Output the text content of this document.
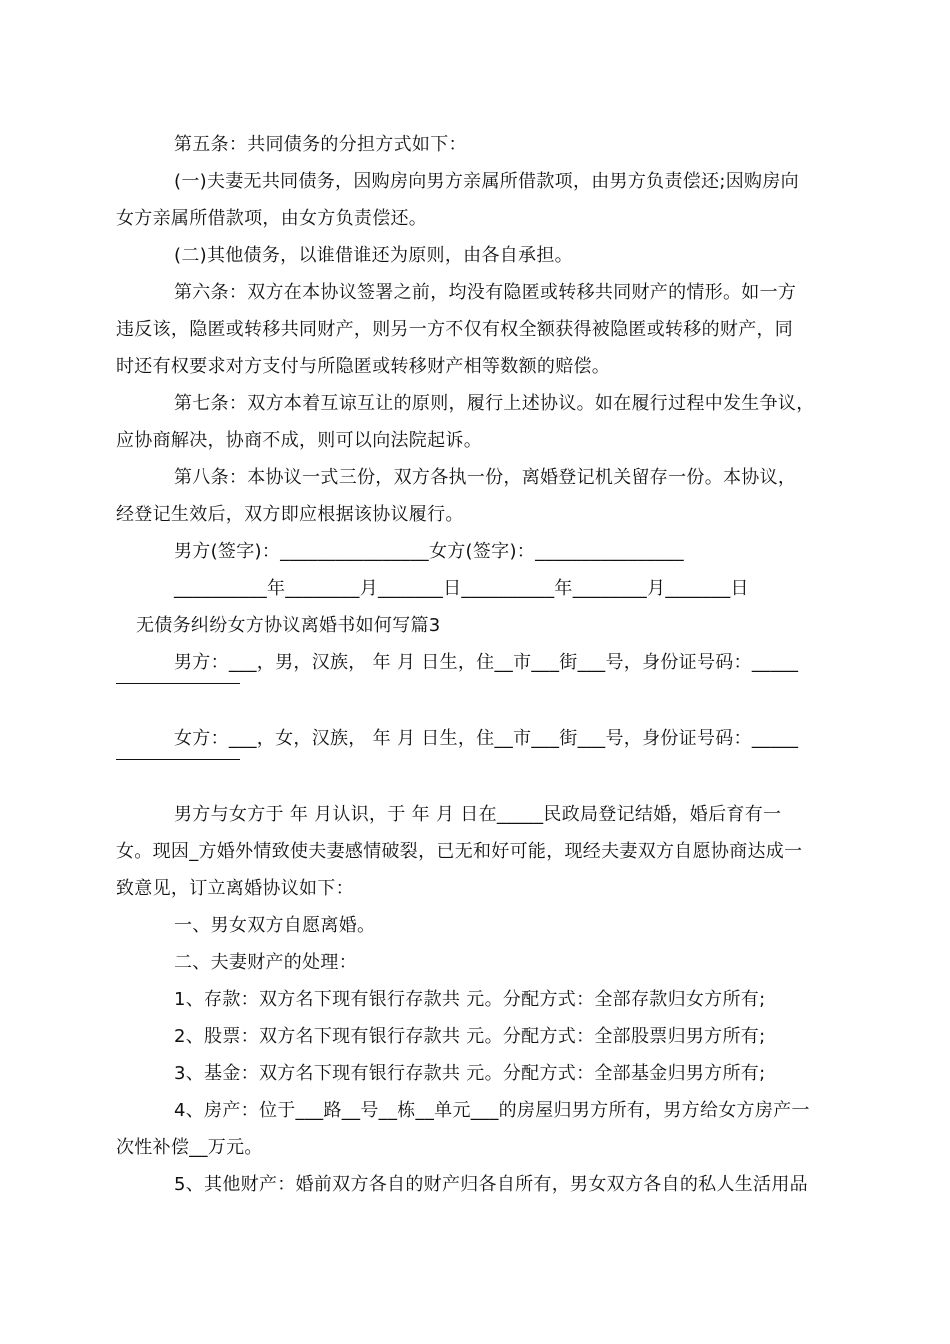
第五条：共同债务的分担方式如下：
(一)夫妻无共同债务，因购房向男方亲属所借款项，由男方负责偿还;因购房向
女方亲属所借款项，由女方负责偿还。
(二)其他债务，以谁借谁还为原则，由各自承担。
第六条：双方在本协议签署之前，均没有隐匿或转移共同财产的情形。如一方
违反该，隐匿或转移共同财产，则另一方不仅有权全额获得被隐匿或转移的财产，同
时还有权要求对方支付与所隐匿或转移财产相等数额的赔偿。
第七条：双方本着互谅互让的原则，履行上述协议。如在履行过程中发生争议，
应协商解决，协商不成，则可以向法院起诉。
第八条：本协议一式三份，双方各执一份，离婚登记机关留存一份。本协议，
经登记生效后，双方即应根据该协议履行。
男方(签字)：________________女方(签字)：________________
__________年________月_______日__________年________月_______日
无债务纠纷女方协议离婚书如何写篇3
男方：___，男，汉族， 年 月 日生，住__市___街___号，身份证号码：_____
女方：___，女，汉族， 年 月 日生，住__市___街___号，身份证号码：_____
男方与女方于 年 月认识，于 年 月 日在_____民政局登记结婚，婚后育有一
女。现因_方婚外情致使夫妻感情破裂，已无和好可能，现经夫妻双方自愿协商达成一
致意见，订立离婚协议如下：
一、男女双方自愿离婚。
二、夫妻财产的处理：
1、存款：双方名下现有银行存款共 元。分配方式：全部存款归女方所有;
2、股票：双方名下现有银行存款共 元。分配方式：全部股票归男方所有;
3、基金：双方名下现有银行存款共 元。分配方式：全部基金归男方所有;
4、房产：位于___路__号__栋__单元___的房屋归男方所有，男方给女方房产一
次性补偿__万元。
5、其他财产：婚前双方各自的财产归各自所有，男女双方各自的私人生活用品
